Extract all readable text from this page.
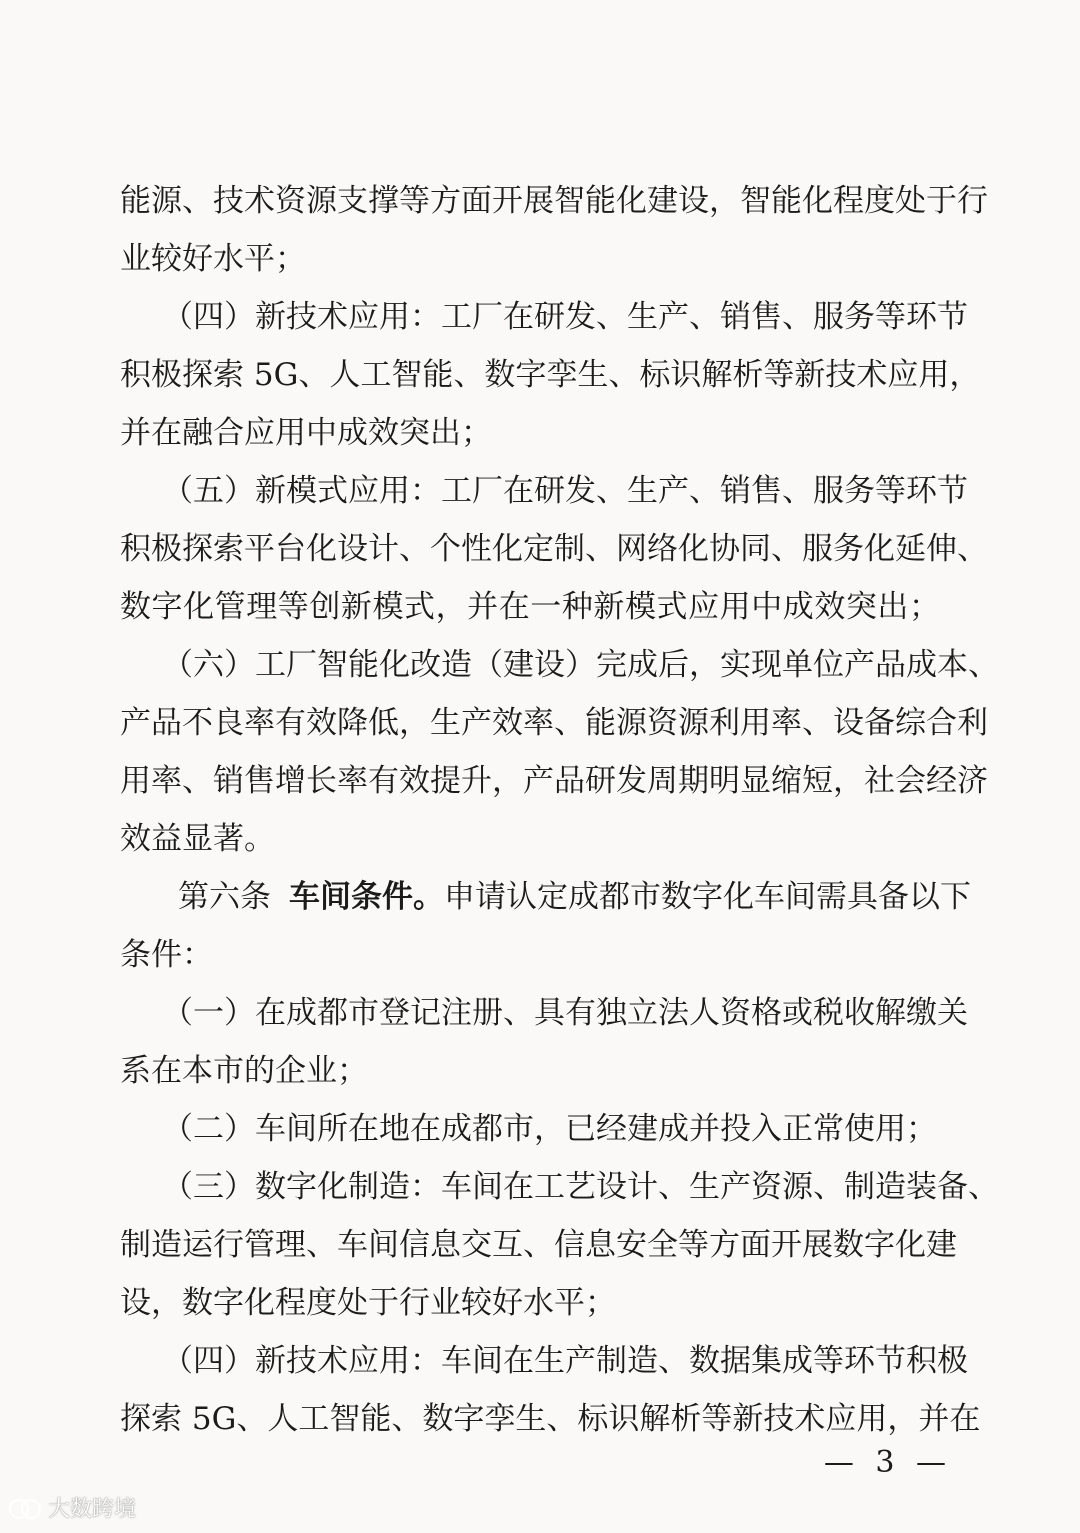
能源、技术资源支撑等方面开展智能化建设，智能化程度处于行

业较好水平；

（四）新技术应用：工厂在研发、生产、销售、服务等环节

积极探索 5G、人工智能、数字孪生、标识解析等新技术应用，

并在融合应用中成效突出；

（五）新模式应用：工厂在研发、生产、销售、服务等环节

积极探索平台化设计、个性化定制、网络化协同、服务化延伸、

数字化管理等创新模式，并在一种新模式应用中成效突出；

（六）工厂智能化改造（建设）完成后，实现单位产品成本、

产品不良率有效降低，生产效率、能源资源利用率、设备综合利

用率、销售增长率有效提升，产品研发周期明显缩短，社会经济

效益显著。

第六条 车间条件。申请认定成都市数字化车间需具备以下

条件：

（一）在成都市登记注册、具有独立法人资格或税收解缴关

系在本市的企业；

（二）车间所在地在成都市，已经建成并投入正常使用；

（三）数字化制造：车间在工艺设计、生产资源、制造装备、

制造运行管理、车间信息交互、信息安全等方面开展数字化建

设，数字化程度处于行业较好水平；

（四）新技术应用：车间在生产制造、数据集成等环节积极

探索 5G、人工智能、数字孪生、标识解析等新技术应用，并在

— 3 —
大数跨境
